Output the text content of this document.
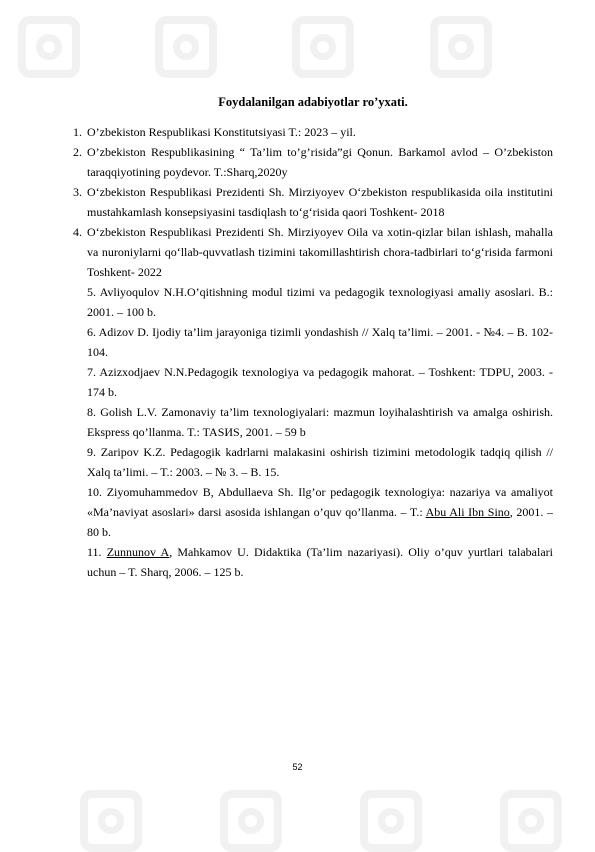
Foydalanilgan adabiyotlar ro’yxati.
1. O’zbekiston Respublikasi Konstitutsiyasi T.: 2023 – yil.
2. O’zbekiston Respublikasining “ Ta’lim to’g’risida”gi Qonun. Barkamol avlod – O’zbekiston taraqqiyotining poydevor. T.:Sharq,2020y
3. O‘zbekiston Respublikasi Prezidenti Sh. Mirziyoyev O‘zbekiston respublikasida oila institutini mustahkamlash konsepsiyasini tasdiqlash to‘g‘risida qaori Toshkent- 2018
4. O‘zbekiston Respublikasi Prezidenti Sh. Mirziyoyev Oila va xotin-qizlar bilan ishlash, mahalla va nuroniylarni qo‘llab-quvvatlash tizimini takomillashtirish chora-tadbirlari to‘g‘risida farmoni Toshkent- 2022

5. Avliyoqulov N.H.O’qitishning modul tizimi va pedagogik texnologiyasi amaliy asoslari. B.: 2001. – 100 b.

6. Adizov D. Ijodiy ta’lim jarayoniga tizimli yondashish // Xalq ta’limi. – 2001. - №4. – B. 102-104.

7. Azizxodjaev N.N.Pedagogik texnologiya va pedagogik mahorat. – Toshkent: TDPU, 2003. - 174 b.

8. Golish L.V. Zamonaviy ta’lim texnologiyalari: mazmun loyihalashtirish va amalga oshirish. Ekspress qo’llanma. T.: TASИS, 2001. – 59 b

9. Zaripov K.Z. Pedagogik kadrlarni malakasini oshirish tizimini metodologik tadqiq qilish // Xalq ta’limi. – T.: 2003. – № 3. – B. 15.

10. Ziyomuhammedov B, Abdullaeva Sh. Ilg’or pedagogik texnologiya: nazariya va amaliyot «Ma’naviyat asoslari» darsi asosida ishlangan o’quv qo’llanma. – T.: Abu Ali Ibn Sino, 2001. – 80 b.

11. Zunnunov A, Mahkamov U. Didaktika (Ta’lim nazariyasi). Oliy o’quv yurtlari talabalari uchun – T. Sharq, 2006. – 125 b.

52
